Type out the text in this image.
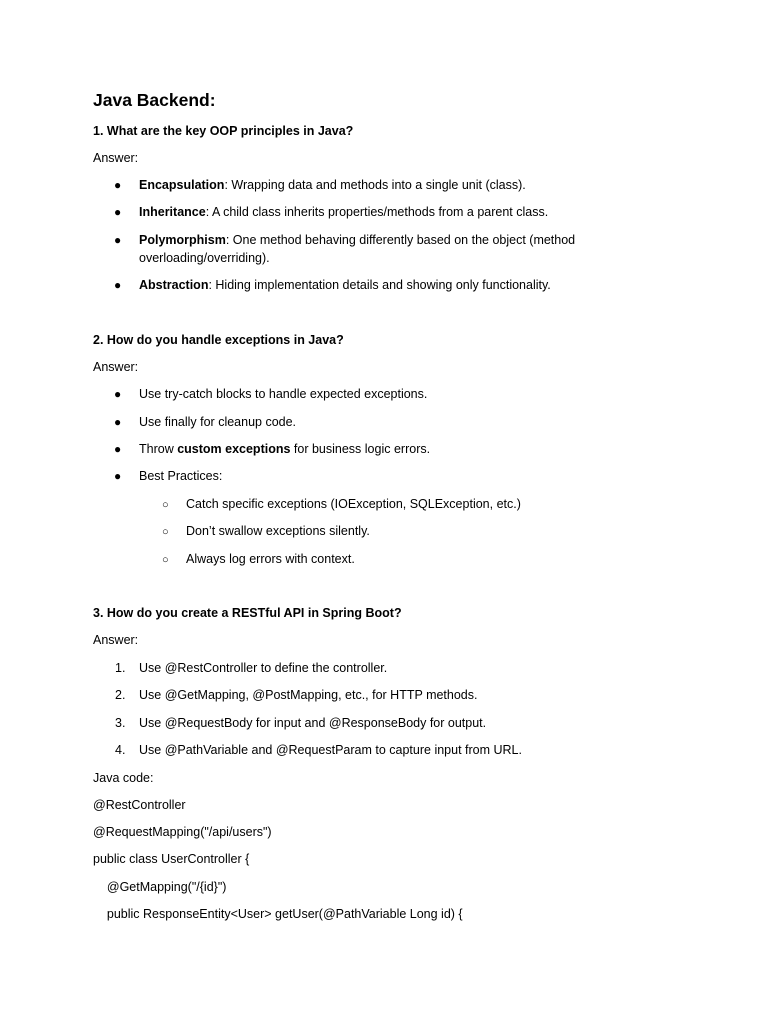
Java Backend:
1. What are the key OOP principles in Java?
Answer:
● Encapsulation: Wrapping data and methods into a single unit (class).
● Inheritance: A child class inherits properties/methods from a parent class.
● Polymorphism: One method behaving differently based on the object (method overloading/overriding).
● Abstraction: Hiding implementation details and showing only functionality.
2. How do you handle exceptions in Java?
Answer:
● Use try-catch blocks to handle expected exceptions.
● Use finally for cleanup code.
● Throw custom exceptions for business logic errors.
● Best Practices:
○ Catch specific exceptions (IOException, SQLException, etc.)
○ Don’t swallow exceptions silently.
○ Always log errors with context.
3. How do you create a RESTful API in Spring Boot?
Answer:
1. Use @RestController to define the controller.
2. Use @GetMapping, @PostMapping, etc., for HTTP methods.
3. Use @RequestBody for input and @ResponseBody for output.
4. Use @PathVariable and @RequestParam to capture input from URL.
Java code:
@RestController
@RequestMapping("/api/users")
public class UserController {
@GetMapping("/{id}")
public ResponseEntity<User> getUser(@PathVariable Long id) {
